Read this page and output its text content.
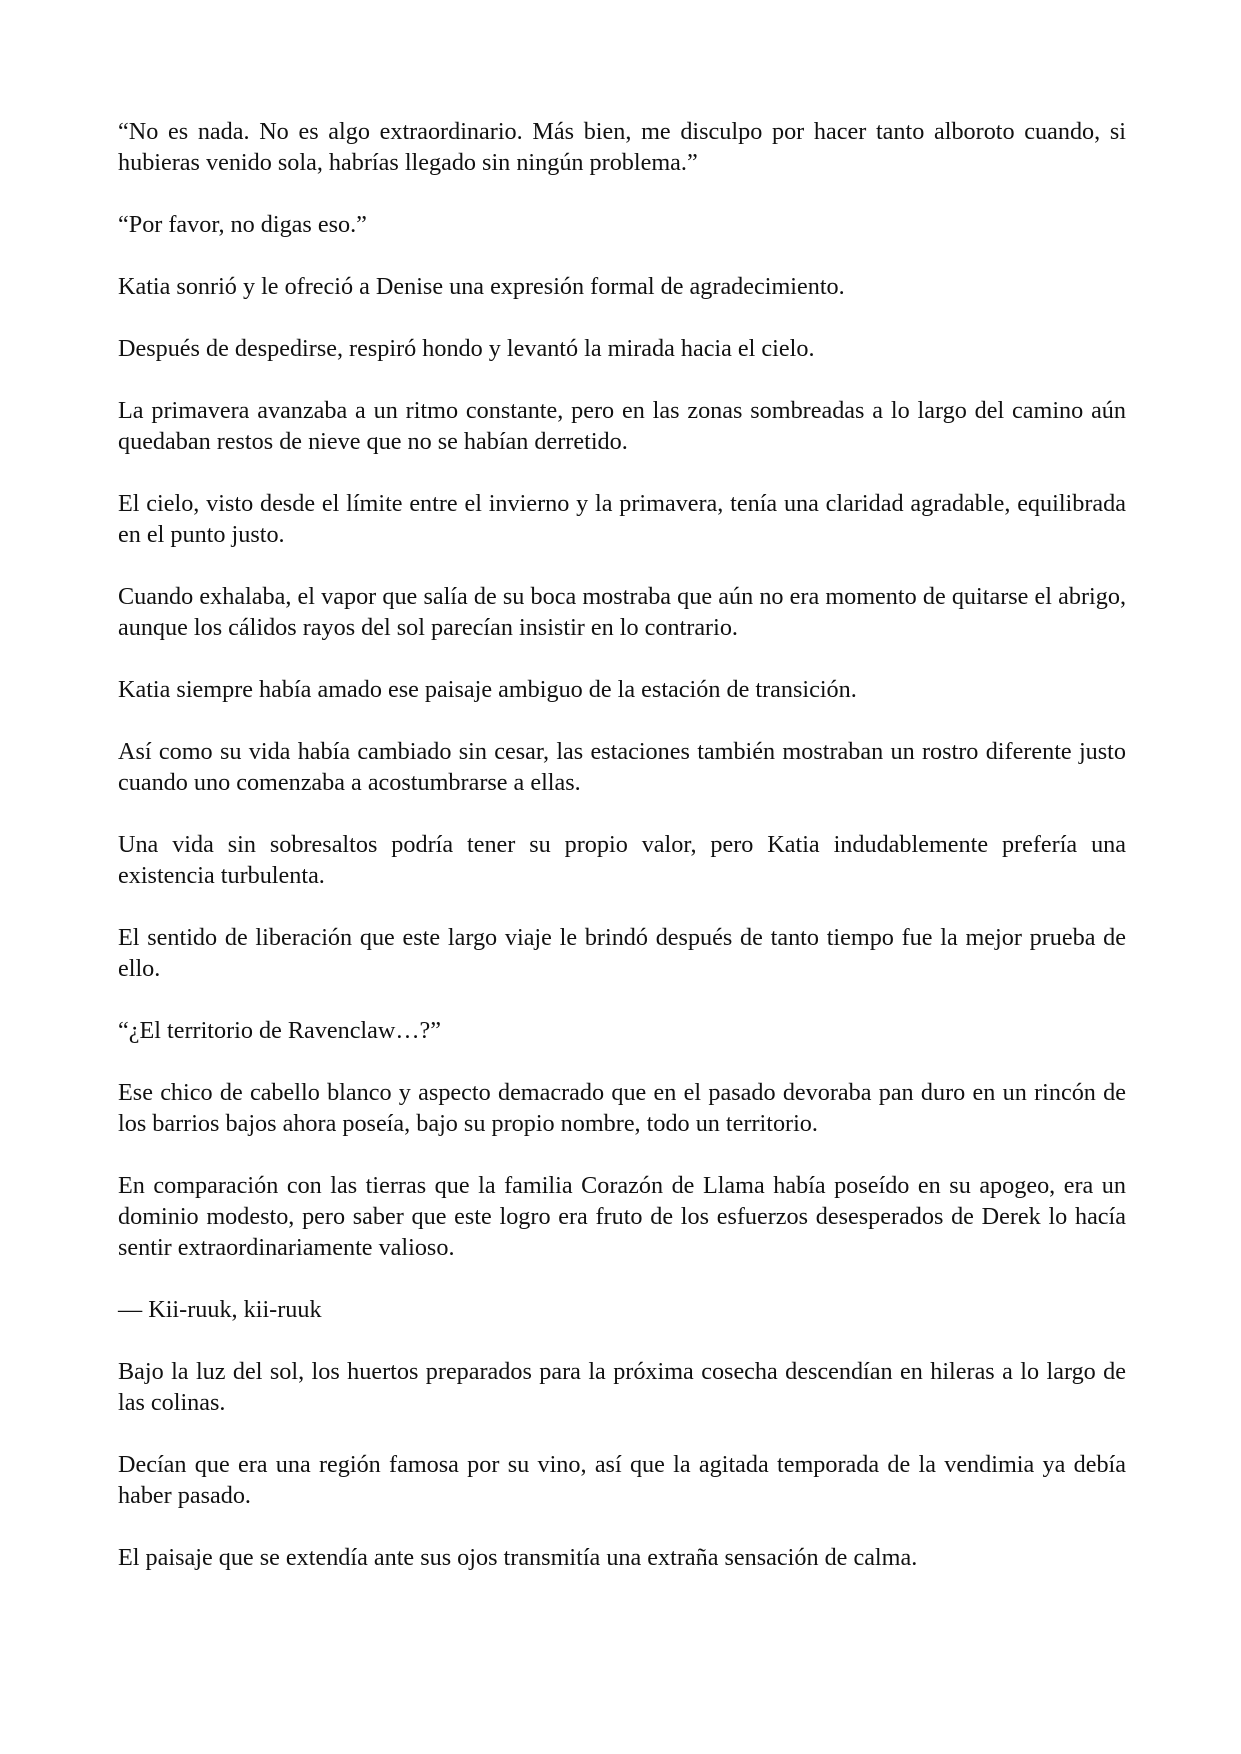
“No es nada. No es algo extraordinario. Más bien, me disculpo por hacer tanto alboroto cuando, si hubieras venido sola, habrías llegado sin ningún problema.”

“Por favor, no digas eso.”

Katia sonrió y le ofreció a Denise una expresión formal de agradecimiento.

Después de despedirse, respiró hondo y levantó la mirada hacia el cielo.

La primavera avanzaba a un ritmo constante, pero en las zonas sombreadas a lo largo del camino aún quedaban restos de nieve que no se habían derretido.

El cielo, visto desde el límite entre el invierno y la primavera, tenía una claridad agradable, equilibrada en el punto justo.

Cuando exhalaba, el vapor que salía de su boca mostraba que aún no era momento de quitarse el abrigo, aunque los cálidos rayos del sol parecían insistir en lo contrario.

Katia siempre había amado ese paisaje ambiguo de la estación de transición.

Así como su vida había cambiado sin cesar, las estaciones también mostraban un rostro diferente justo cuando uno comenzaba a acostumbrarse a ellas.

Una vida sin sobresaltos podría tener su propio valor, pero Katia indudablemente prefería una existencia turbulenta.

El sentido de liberación que este largo viaje le brindó después de tanto tiempo fue la mejor prueba de ello.

“¿El territorio de Ravenclaw…?”

Ese chico de cabello blanco y aspecto demacrado que en el pasado devoraba pan duro en un rincón de los barrios bajos ahora poseía, bajo su propio nombre, todo un territorio.

En comparación con las tierras que la familia Corazón de Llama había poseído en su apogeo, era un dominio modesto, pero saber que este logro era fruto de los esfuerzos desesperados de Derek lo hacía sentir extraordinariamente valioso.

— Kii-ruuk, kii-ruuk

Bajo la luz del sol, los huertos preparados para la próxima cosecha descendían en hileras a lo largo de las colinas.

Decían que era una región famosa por su vino, así que la agitada temporada de la vendimia ya debía haber pasado.

El paisaje que se extendía ante sus ojos transmitía una extraña sensación de calma.
